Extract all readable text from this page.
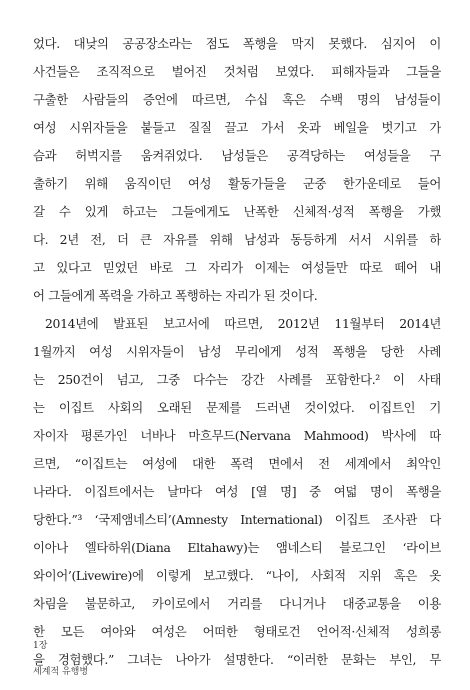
었다. 대낮의 공공장소라는 점도 폭행을 막지 못했다. 심지어 이
사건들은 조직적으로 벌어진 것처럼 보였다. 피해자들과 그들을
구출한 사람들의 증언에 따르면, 수십 혹은 수백 명의 남성들이
여성 시위자들을 붙들고 질질 끌고 가서 옷과 베일을 벗기고 가
슴과 허벅지를 움켜쥐었다. 남성들은 공격당하는 여성들을 구
출하기 위해 움직이던 여성 활동가들을 군중 한가운데로 들어
갈 수 있게 하고는 그들에게도 난폭한 신체적·성적 폭행을 가했
다. 2년 전, 더 큰 자유를 위해 남성과 동등하게 서서 시위를 하
고 있다고 믿었던 바로 그 자리가 이제는 여성들만 따로 떼어 내
어 그들에게 폭력을 가하고 폭행하는 자리가 된 것이다.
2014년에 발표된 보고서에 따르면, 2012년 11월부터 2014년
1월까지 여성 시위자들이 남성 무리에게 성적 폭행을 당한 사례
는 250건이 넘고, 그중 다수는 강간 사례를 포함한다.² 이 사태
는 이집트 사회의 오래된 문제를 드러낸 것이었다. 이집트인 기
자이자 평론가인 너바나 마흐무드(Nervana Mahmood) 박사에 따
르면, “이집트는 여성에 대한 폭력 면에서 전 세계에서 최악인
나라다. 이집트에서는 날마다 여성 [열 명] 중 여덟 명이 폭행을
당한다.”³ ‘국제앰네스티’(Amnesty International) 이집트 조사관 다
이아나 엘타하위(Diana Eltahawy)는 앰네스티 블로그인 ‘라이브
와이어’(Livewire)에 이렇게 보고했다. “나이, 사회적 지위 혹은 옷
차림을 불문하고, 카이로에서 거리를 다니거나 대중교통을 이용
한 모든 여아와 여성은 어떠한 형태로건 언어적·신체적 성희롱
을 경험했다.” 그녀는 나아가 설명한다. “이러한 문화는 부인, 무
1장
세계적 유행병
